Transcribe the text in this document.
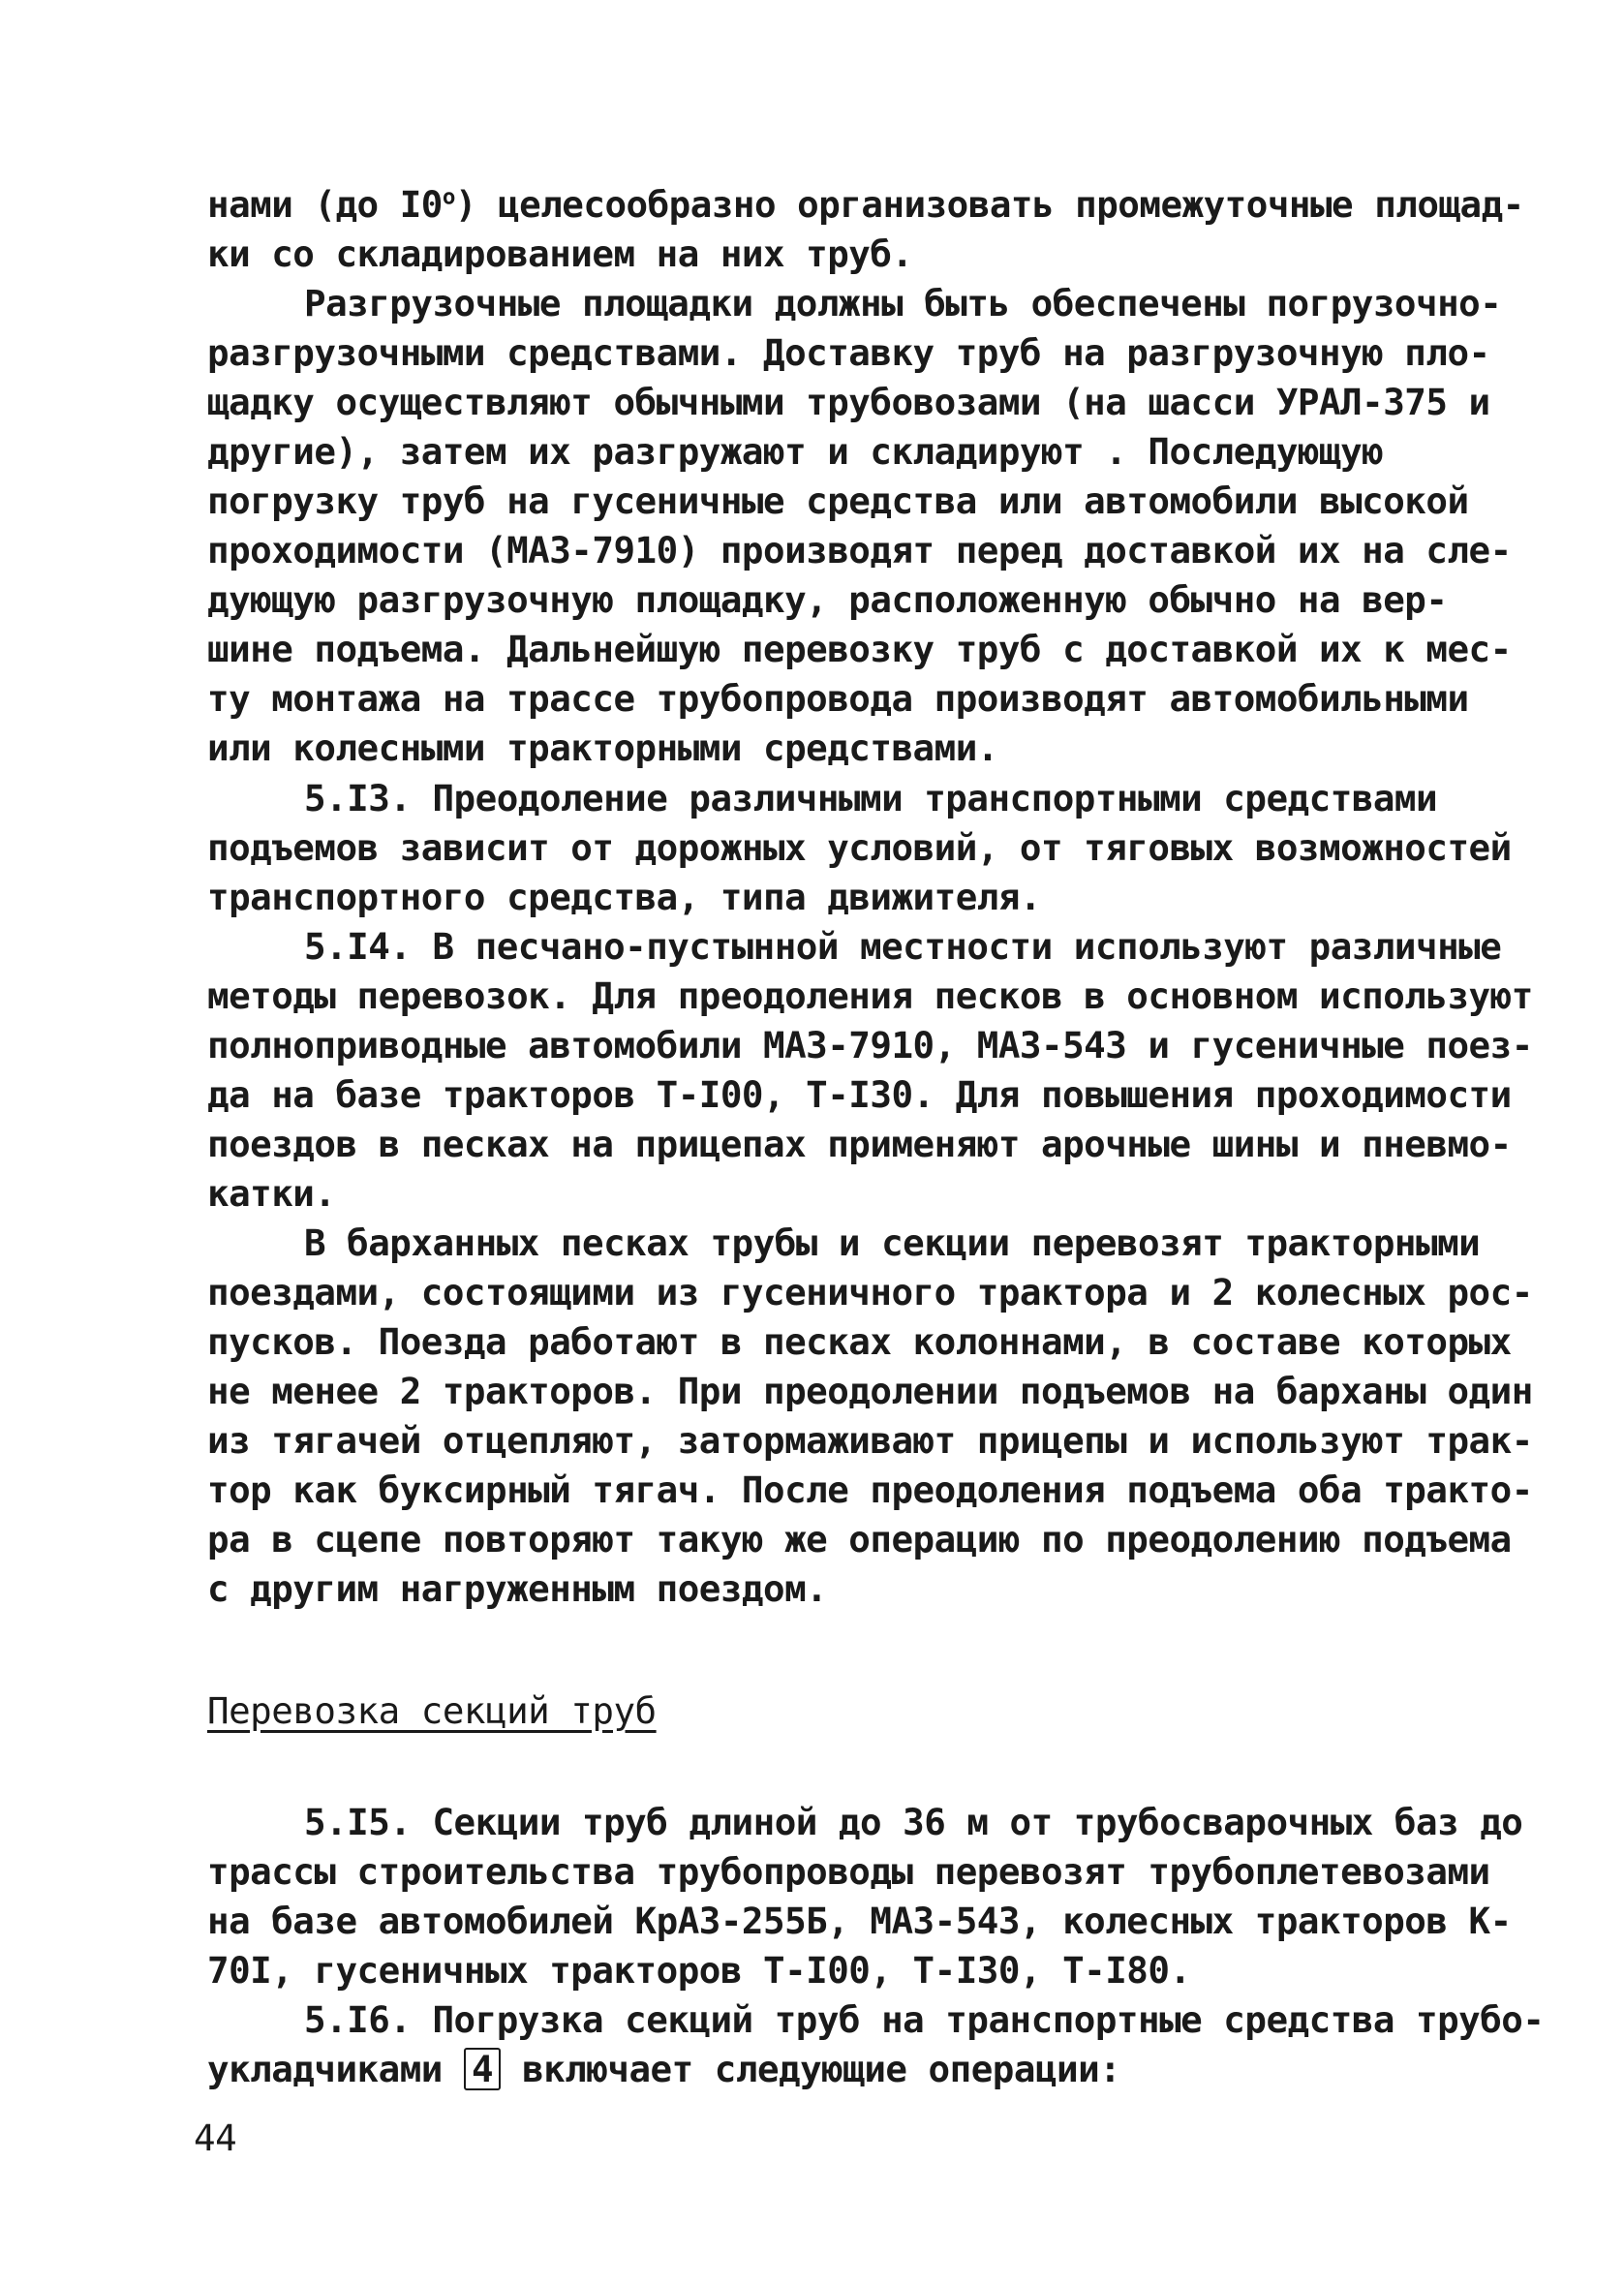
нами (до $I0^о$) целесообразно организовать промежуточные площад-
ки со складированием на них труб.
Разгрузочные площадки должны быть обеспечены погрузочно-
разгрузочными средствами. Доставку труб на разгрузочную пло-
щадку осуществляют обычными трубовозами (на шасси УРАЛ-375 и
другие), затем их разгружают и складируют . Последующую
погрузку труб на гусеничные средства или автомобили высокой
проходимости (МАЗ-7910) производят перед доставкой их на сле-
дующую разгрузочную площадку, расположенную обычно на вер-
шине подъема. Дальнейшую перевозку труб с доставкой их к мес-
ту монтажа на трассе трубопровода производят автомобильными
или колесными тракторными средствами.
5.I3. Преодоление различными транспортными средствами
подъемов зависит от дорожных условий, от тяговых возможностей
транспортного средства, типа движителя.
5.I4. В песчано-пустынной местности используют различные
методы перевозок. Для преодоления песков в основном используют
полноприводные автомобили МАЗ-7910, МАЗ-543 и гусеничные поез-
да на базе тракторов Т-I00, Т-I30. Для повышения проходимости
поездов в песках на прицепах применяют арочные шины и пневмо-
катки.
В барханных песках трубы и секции перевозят тракторными
поездами, состоящими из гусеничного трактора и 2 колесных рос-
пусков. Поезда работают в песках колоннами, в составе которых
не менее 2 тракторов. При преодолении подъемов на барханы один
из тягачей отцепляют, затормаживают прицепы и используют трак-
тор как буксирный тягач. После преодоления подъема оба тракто-
ра в сцепе повторяют такую же операцию по преодолению подъема
с другим нагруженным поездом.
Перевозка секций труб
5.I5. Секции труб длиной до 36 м от трубосварочных баз до
трассы строительства трубопроводы перевозят трубоплетевозами
на базе автомобилей КрАЗ-255Б, МАЗ-543, колесных тракторов К-
70I, гусеничных тракторов Т-I00, Т-I30, Т-I80.
5.I6. Погрузка секций труб на транспортные средства трубо-
укладчиками 4 включает следующие операции:
44
